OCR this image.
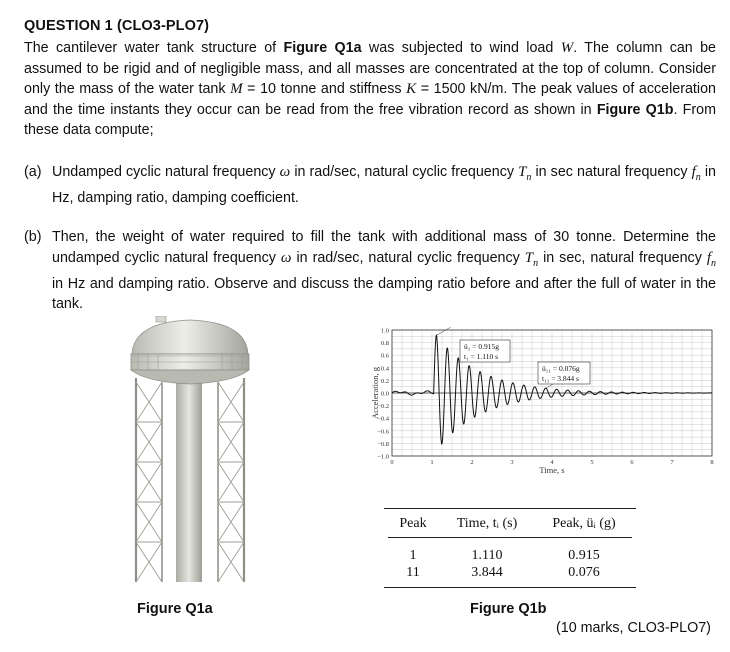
QUESTION 1 (CLO3-PLO7)
The cantilever water tank structure of Figure Q1a was subjected to wind load W. The column can be assumed to be rigid and of negligible mass, and all masses are concentrated at the top of column. Consider only the mass of the water tank M = 10 tonne and stiffness K = 1500 kN/m. The peak values of acceleration and the time instants they occur can be read from the free vibration record as shown in Figure Q1b. From these data compute;
(a) Undamped cyclic natural frequency ω in rad/sec, natural cyclic frequency $T_n$ in sec natural frequency $f_n$ in Hz, damping ratio, damping coefficient.
(b) Then, the weight of water required to fill the tank with additional mass of 30 tonne. Determine the undamped cyclic natural frequency ω in rad/sec, natural cyclic frequency $T_n$ in sec, natural frequency $f_n$ in Hz and damping ratio. Observe and discuss the damping ratio before and after the full of water in the tank.
Figure Q1a
1.0
0.8
0.6
0.4
0.2
0.0
−0.2
−0.4
−0.6
−0.8
−1.0
0	1	2	3	4	5	6	7	8
Acceleration, g
Time, s
ü₁ = 0.915g
t₁ = 1.110 s
ü₁₁ = 0.076g
t₁₁ = 3.844 s
Peak	Time, tᵢ (s)	Peak, üᵢ (g)
1	1.110	0.915
11	3.844	0.076
Figure Q1b
(10 marks, CLO3-PLO7)
